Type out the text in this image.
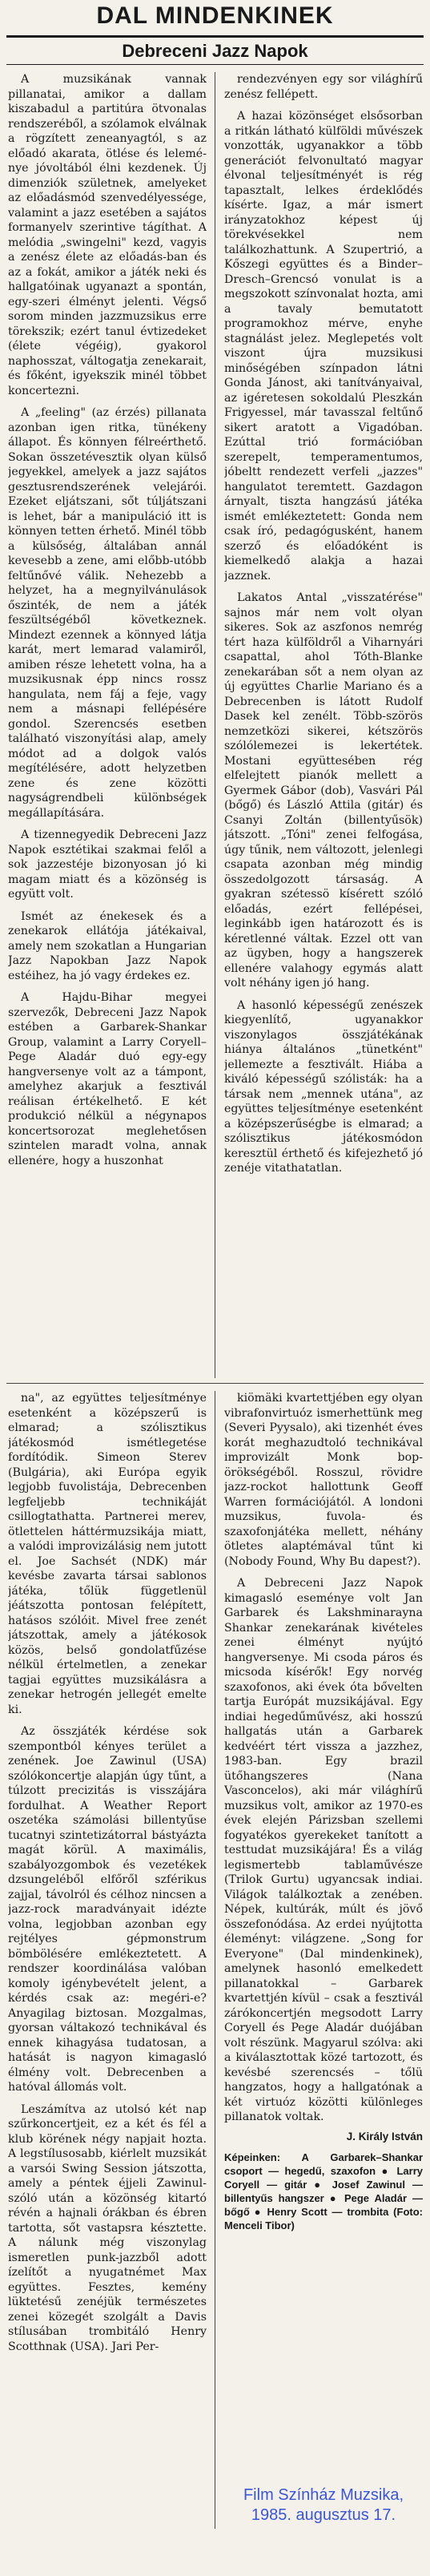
DAL MINDENKINEK
Debreceni Jazz Napok

A muzsikának vannak pillanatai, amikor a dallam kiszabadul a partitúra ötvonalas rendszeréből, a szólamok elválnak a rögzített zeneanyagtól, s az előadó akarata, ötlése és lelemé-nye jóvoltából élni kezdenek. Új dimenziók születnek, amelyeket az előadásmód szenvedélyessége, valamint a jazz esetében a sajátos formanyelv szerintive tágíthat. A melódia „swingelni" kezd, vagyis a zenész élete az előadás-ban és az a fokát, amikor a játék neki és hallgatóinak ugyanazt a spontán, egy-szeri élményt jelenti. Végső sorom minden jazzmuzsikus erre törekszik; ezért tanul évtizedeket (élete végéig), gyakorol naphosszat, váltogatja zenekarait, és főként, igyekszik minél többet koncertezni.

A „feeling" (az érzés) pillanata azonban igen ritka, tünékeny állapot. És könnyen félreérthető. Sokan összetévesztik olyan külső jegyekkel, amelyek a jazz sajátos gesztusrendszerének velejárói. Ezeket eljátszani, sőt túljátszani is lehet, bár a manipuláció itt is könnyen tetten érhető. Minél több a külsőség, általában annál kevesebb a zene, ami előbb-utóbb feltűnővé válik. Nehezebb a helyzet, ha a megnyilvánulások őszinték, de nem a játék feszültségéből következnek. Mindezt ezennek a könnyed látja karát, mert lemarad valamiről, amiben része lehetett volna, ha a muzsikusnak épp nincs rossz hangulata, nem fáj a feje, vagy nem a másnapi fellépésére gondol. Szerencsés esetben található viszonyítási alap, amely módot ad a dolgok valós megítélésére, adott helyzetben zene és zene közötti nagyságrendbeli különbségek megállapítására.

A tizennegyedik Debreceni Jazz Napok esztétikai szakmai felől a sok jazzestéje bizonyosan jó ki magam miatt és a közönség is együtt volt.

Ismét az énekesek és a zenekarok ellátója játékaival, amely nem szokatlan a Hungarian Jazz Napokban Jazz Napok estéihez, ha jó vagy érdekes ez.

A Hajdu-Bihar megyei szervezők, Debreceni Jazz Napok estében a Garbarek-Shankar Group, valamint a Larry Coryell–Pege Aladár duó egy-egy hangversenye volt az a támpont, amelyhez akarjuk a fesztivál reálisan értékelhető. E két produkció nélkül a négynapos koncertsorozat meglehetősen szintelen maradt volna, annak ellenére, hogy a huszonhat

rendezvényen egy sor világhírű zenész fellépett.

A hazai közönséget elsősorban a ritkán látható külföldi művészek vonzották, ugyanakkor a több generációt felvonultató magyar élvonal teljesítményét is rég tapasztalt, lelkes érdeklődés kísérte. Igaz, a már ismert irányzatokhoz képest új törekvésekkel nem találkozhattunk. A Szupertrió, a Kőszegi együttes és a Binder–Dresch–Grencsó vonulat is a megszokott színvonalat hozta, ami a tavaly bemutatott programokhoz mérve, enyhe stagnálást jelez. Meglepetés volt viszont újra muzsikusi minőségében színpadon látni Gonda Jánost, aki tanítványaival, az igéretesen sokoldalú Pleszkán Frigyessel, már tavasszal feltűnő sikert aratott a Vigadóban. Ezúttal trió formációban szerepelt, temperamentumos, jóbeltt rendezett verfeli „jazzes" hangulatot teremtett. Gazdagon árnyalt, tiszta hangzású játéka ismét emlékeztetett: Gonda nem csak író, pedagógusként, hanem szerző és előadóként is kiemelkedő alakja a hazai jazznek.

Lakatos Antal „visszatérése" sajnos már nem volt olyan sikeres. Sok az aszfonos nemrég tért haza külföldről a Viharnyári csapattal, ahol Tóth-Blanke zenekarában sőt a nem olyan az új együttes Charlie Mariano és a Debrecenben is látott Rudolf Dasek kel zenélt. Több-szörös nemzetközi sikerei, kétszörös szólólemezei is lekertétek. Mostani együttesében rég elfelejtett pianók mellett a Gyermek Gábor (dob), Vasvári Pál (bőgő) és László Attila (gitár) és Csanyi Zoltán (billentyűsök) játszott. „Tóni" zenei felfogása, úgy tűnik, nem változott, jelenlegi csapata azonban még mindig összedolgozott társaság. A gyakran szétessö kísérett szóló előadás, ezért fellépései, leginkább igen határozott és is kéretlenné váltak. Ezzel ott van az ügyben, hogy a hangszerek ellenére valahogy egymás alatt volt néhány igen jó hang.

A hasonló képességű zenészek kiegyenlítő, ugyanakkor viszonylagos összjátékának hiánya általános „tünetként" jellemezte a fesztivált. Hiába a kiváló képességű szólisták: ha a társak nem „mennek utána", az együttes teljesítménye esetenként a középszerűségbe is elmarad; a szólisztikus játékosmódon keresztül érthető és kifejezhető jó zenéje vitathatatlan.

na", az együttes teljesítménye esetenként a középszerű is elmarad; a szólisztikus játékosmód ismétlegetése fordítódik. Simeon Sterev (Bulgária), aki Európa egyik legjobb fuvolistája, Debrecenben legfeljebb technikáját csillogtathatta. Partnerei merev, ötlettelen háttérmuzsikája miatt, a valódi improvizálásig nem jutott el. Joe Sachsét (NDK) már kevésbe zavarta társai sablonos játéka, tőlük függetlenül jéátszotta pontosan felépített, hatásos szólóit. Mivel free zenét játszottak, amely a játékosok közös, belső gondolatfűzése nélkül értelmetlen, a zenekar tagjai együttes muzsikálásra a zenekar hetrogén jellegét emelte ki.

Az összjáték kérdése sok szempontból kényes terület a zenének. Joe Zawinul (USA) szólókoncertje alapján úgy tűnt, a túlzott precizitás is visszájára fordulhat. A Weather Report oszetéka számolási billentyűse tucatnyi szintetizátorral bástyázta magát körül. A maximális, szabályozgombok és vezetékek dzsungeléből elfőről szférikus zajjal, távolról és célhoz nincsen a jazz-rock maradványait idézte volna, legjobban azonban egy rejtélyes gépmonstrum bömbölésére emlékeztetett. A rendszer koordinálása valóban komoly igénybevételt jelent, a kérdés csak az: megéri-e? Anyagilag biztosan. Mozgalmas, gyorsan váltakozó technikával és ennek kihagyása tudatosan, a hatását is nagyon kimagasló élmény volt. Debrecenben a hatóval állomás volt.

Leszámítva az utolsó két nap szűrkoncertjeit, ez a két és fél a klub körének négy napjait hozta. A legstílusosabb, kiérlelt muzsikát a varsói Swing Session játszotta, amely a péntek éjjeli Zawinul-szóló után a közönség kitartó révén a hajnali órákban és ébren tartotta, sőt vastapsra késztette. A nálunk még viszonylag ismeretlen punk-jazzből adott ízelítőt a nyugatnémet Max együttes. Fesztes, kemény lüktetésű zenéjük természetes zenei közegét szolgált a Davis stílusában trombitáló Henry Scotthnak (USA). Jari Per-

kiömäki kvartettjében egy olyan vibrafonvirtuóz ismerhettünk meg (Severi Pyysalo), aki tizenhét éves korát meghazudtoló technikával improvizált Monk bop-örökségéből. Rosszul, rövidre jazz-rockot hallottunk Geoff Warren formációjától. A londoni muzsikus, fuvola- és szaxofonjátéka mellett, néhány ötletes alaptémával tűnt ki (Nobody Found, Why Bu dapest?).

A Debreceni Jazz Napok kimagasló eseménye volt Jan Garbarek és Lakshminarayna Shankar zenekarának kivételes zenei élményt nyújtó hangversenye. Mi csoda páros és micsoda kísérők! Egy norvég szaxofonos, aki évek óta bővelten tartja Európát muzsikájával. Egy indiai hegedűművész, aki hosszú hallgatás után a Garbarek kedvéért tért vissza a jazzhez, 1983-ban. Egy brazil ütőhangszeres (Nana Vasconcelos), aki már világhírű muzsikus volt, amikor az 1970-es évek elején Párizsban szellemi fogyatékos gyerekeket tanított a testtudat muzsikájára! És a világ legismertebb tablaművésze (Trilok Gurtu) ugyancsak indiai. Világok találkoztak a zenében. Népek, kultúrák, múlt és jövő összefonódása. Az erdei nyújtotta éleményt: világzene. „Song for Everyone" (Dal mindenkinek), amelynek hasonló emelkedett pillanatokkal – Garbarek kvartettjén kívül – csak a fesztivál zárókoncertjén megsodott Larry Coryell és Pege Aladár duójában volt részünk. Magyarul szólva: aki a kiválasztottak közé tartozott, és kevésbé szerencsés – tőlü hangzatos, hogy a hallgatónak a két virtuóz közötti különleges pillanatok voltak.

J. Király István

Képeinken: A Garbarek–Shankar csoport — hegedű, szaxofon ● Larry Coryell — gitár ● Josef Zawinul — billentyűs hangszer ● Pege Aladár — bőgő ● Henry Scott — trombita (Foto: Menceli Tibor)

Film Színház Muzsika,
1985. augusztus 17.
